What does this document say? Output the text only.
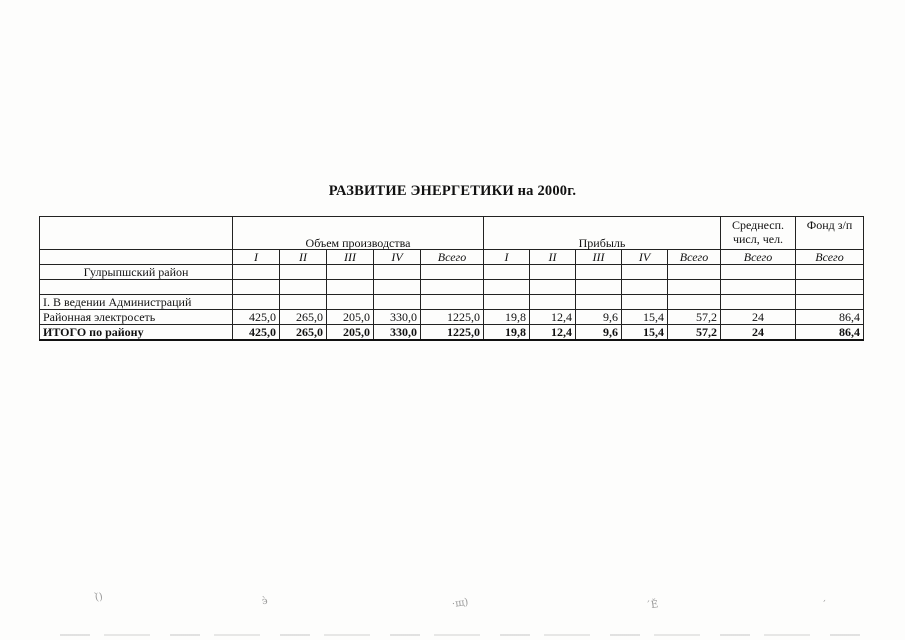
РАЗВИТИЕ ЭНЕРГЕТИКИ на 2000г.
	Объем производства					Прибыль					Среднесп. числ, чел.	Фонд з/п
	I	II	III	IV	Всего	I	II	III	IV	Всего	Всего	Всего
Гулрыпшский район												

I. В ведении Администраций												
Районная электросеть	425,0	265,0	205,0	330,0	1225,0	19,8	12,4	9,6	15,4	57,2	24	86,4
ИТОГО по району	425,0	265,0	205,0	330,0	1225,0	19,8	12,4	9,6	15,4	57,2	24	86,4
(̀)	э̀	·щ)	´Ĕ	´
